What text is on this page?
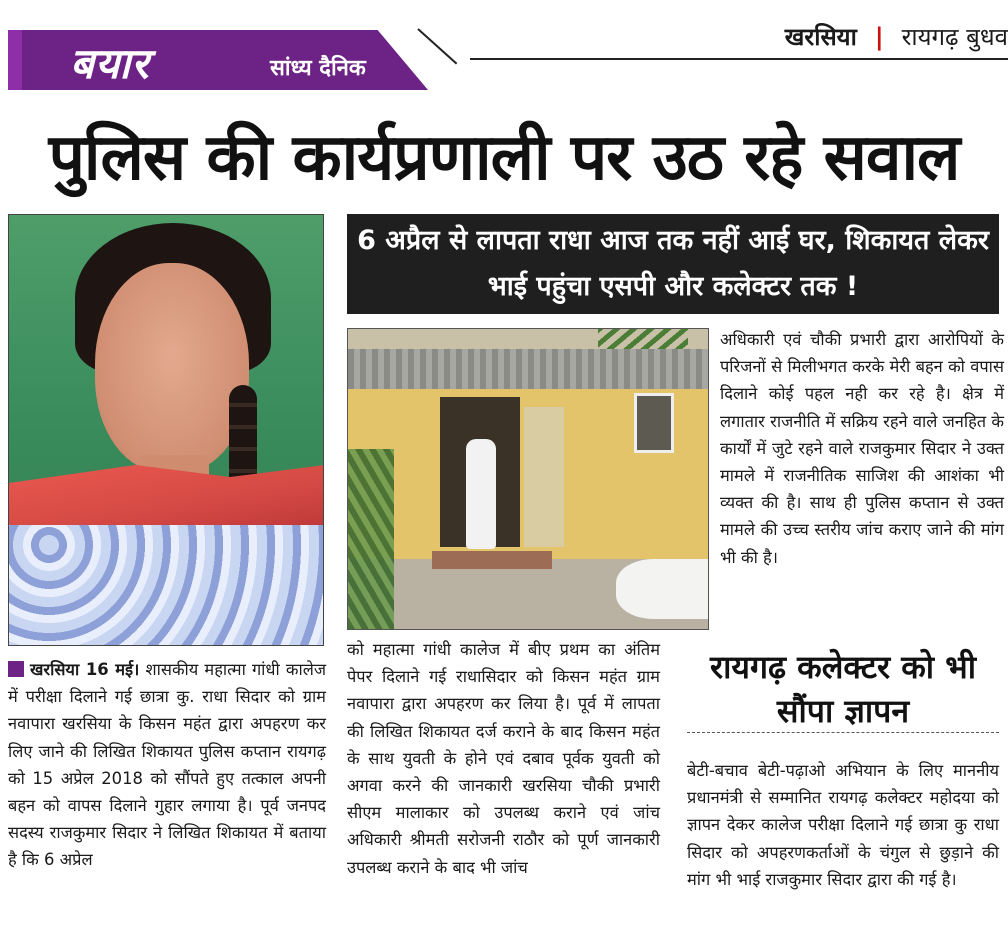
बयार	सांध्य दैनिक
खरसिया | रायगढ़ बुधव
पुलिस की कार्यप्रणाली पर उठ रहे सवाल
6 अप्रैल से लापता राधा आज तक नहीं आई घर, शिकायत लेकर भाई पहुंचा एसपी और कलेक्टर तक !

खरसिया 16 मई। शासकीय महात्मा गांधी कालेज में परीक्षा दिलाने गई छात्रा कु. राधा सिदार को ग्राम नवापारा खरसिया के किसन महंत द्वारा अपहरण कर लिए जाने की लिखित शिकायत पुलिस कप्तान रायगढ़ को 15 अप्रेल 2018 को सौंपते हुए तत्काल अपनी बहन को वापस दिलाने गुहार लगाया है। पूर्व जनपद सदस्य राजकुमार सिदार ने लिखित शिकायत में बताया है कि 6 अप्रेल

को महात्मा गांधी कालेज में बीए प्रथम का अंतिम पेपर दिलाने गई राधासिदार को किसन महंत ग्राम नवापारा द्वारा अपहरण कर लिया है। पूर्व में लापता की लिखित शिकायत दर्ज कराने के बाद किसन महंत के साथ युवती के होने एवं दबाव पूर्वक युवती को अगवा करने की जानकारी खरसिया चौकी प्रभारी सीएम मालाकार को उपलब्ध कराने एवं जांच अधिकारी श्रीमती सरोजनी राठौर को पूर्ण जानकारी उपलब्ध कराने के बाद भी जांच

अधिकारी एवं चौकी प्रभारी द्वारा आरोपियों के परिजनों से मिलीभगत करके मेरी बहन को वपास दिलाने कोई पहल नही कर रहे है। क्षेत्र में लगातार राजनीति में सक्रिय रहने वाले जनहित के कार्यों में जुटे रहने वाले राजकुमार सिदार ने उक्त मामले में राजनीतिक साजिश की आशंका भी व्यक्त की है। साथ ही पुलिस कप्तान से उक्त मामले की उच्च स्तरीय जांच कराए जाने की मांग भी की है।

रायगढ़ कलेक्टर को भी सौंपा ज्ञापन

बेटी-बचाव बेटी-पढ़ाओ अभियान के लिए माननीय प्रधानमंत्री से सम्मानित रायगढ़ कलेक्टर महोदया को ज्ञापन देकर कालेज परीक्षा दिलाने गई छात्रा कु राधा सिदार को अपहरणकर्ताओं के चंगुल से छुड़ाने की मांग भी भाई राजकुमार सिदार द्वारा की गई है।
